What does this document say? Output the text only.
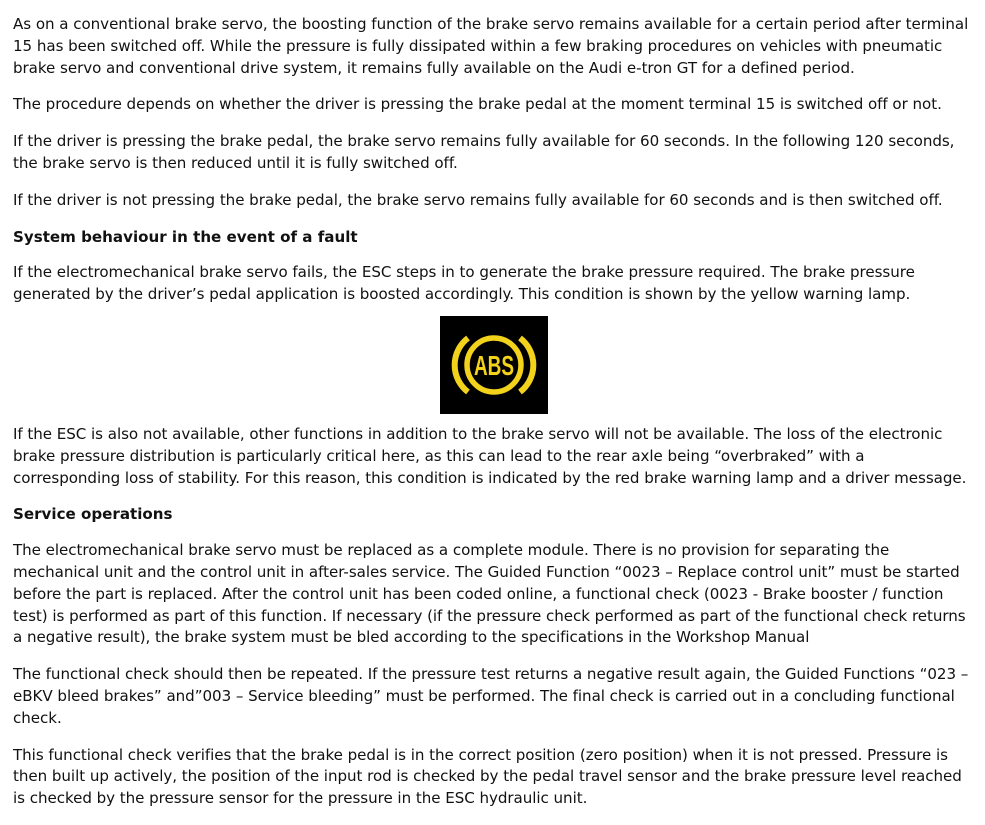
As on a conventional brake servo, the boosting function of the brake servo remains available for a certain period after terminal 15 has been switched off. While the pressure is fully dissipated within a few braking procedures on vehicles with pneumatic brake servo and conventional drive system, it remains fully available on the Audi e-tron GT for a defined period.

The procedure depends on whether the driver is pressing the brake pedal at the moment terminal 15 is switched off or not.

If the driver is pressing the brake pedal, the brake servo remains fully available for 60 seconds. In the following 120 seconds, the brake servo is then reduced until it is fully switched off.

If the driver is not pressing the brake pedal, the brake servo remains fully available for 60 seconds and is then switched off.

System behaviour in the event of a fault

If the electromechanical brake servo fails, the ESC steps in to generate the brake pressure required. The brake pressure generated by the driver’s pedal application is boosted accordingly. This condition is shown by the yellow warning lamp.

ABS

If the ESC is also not available, other functions in addition to the brake servo will not be available. The loss of the electronic brake pressure distribution is particularly critical here, as this can lead to the rear axle being “overbraked” with a corresponding loss of stability. For this reason, this condition is indicated by the red brake warning lamp and a driver message.

Service operations

The electromechanical brake servo must be replaced as a complete module. There is no provision for separating the mechanical unit and the control unit in after-sales service. The Guided Function “0023 – Replace control unit” must be started before the part is replaced. After the control unit has been coded online, a functional check (0023 - Brake booster / function test) is performed as part of this function. If necessary (if the pressure check performed as part of the functional check returns a negative result), the brake system must be bled according to the specifications in the Workshop Manual

The functional check should then be repeated. If the pressure test returns a negative result again, the Guided Functions “023 – eBKV bleed brakes” and”003 – Service bleeding” must be performed. The final check is carried out in a concluding functional check.

This functional check verifies that the brake pedal is in the correct position (zero position) when it is not pressed. Pressure is then built up actively, the position of the input rod is checked by the pedal travel sensor and the brake pressure level reached is checked by the pressure sensor for the pressure in the ESC hydraulic unit.
